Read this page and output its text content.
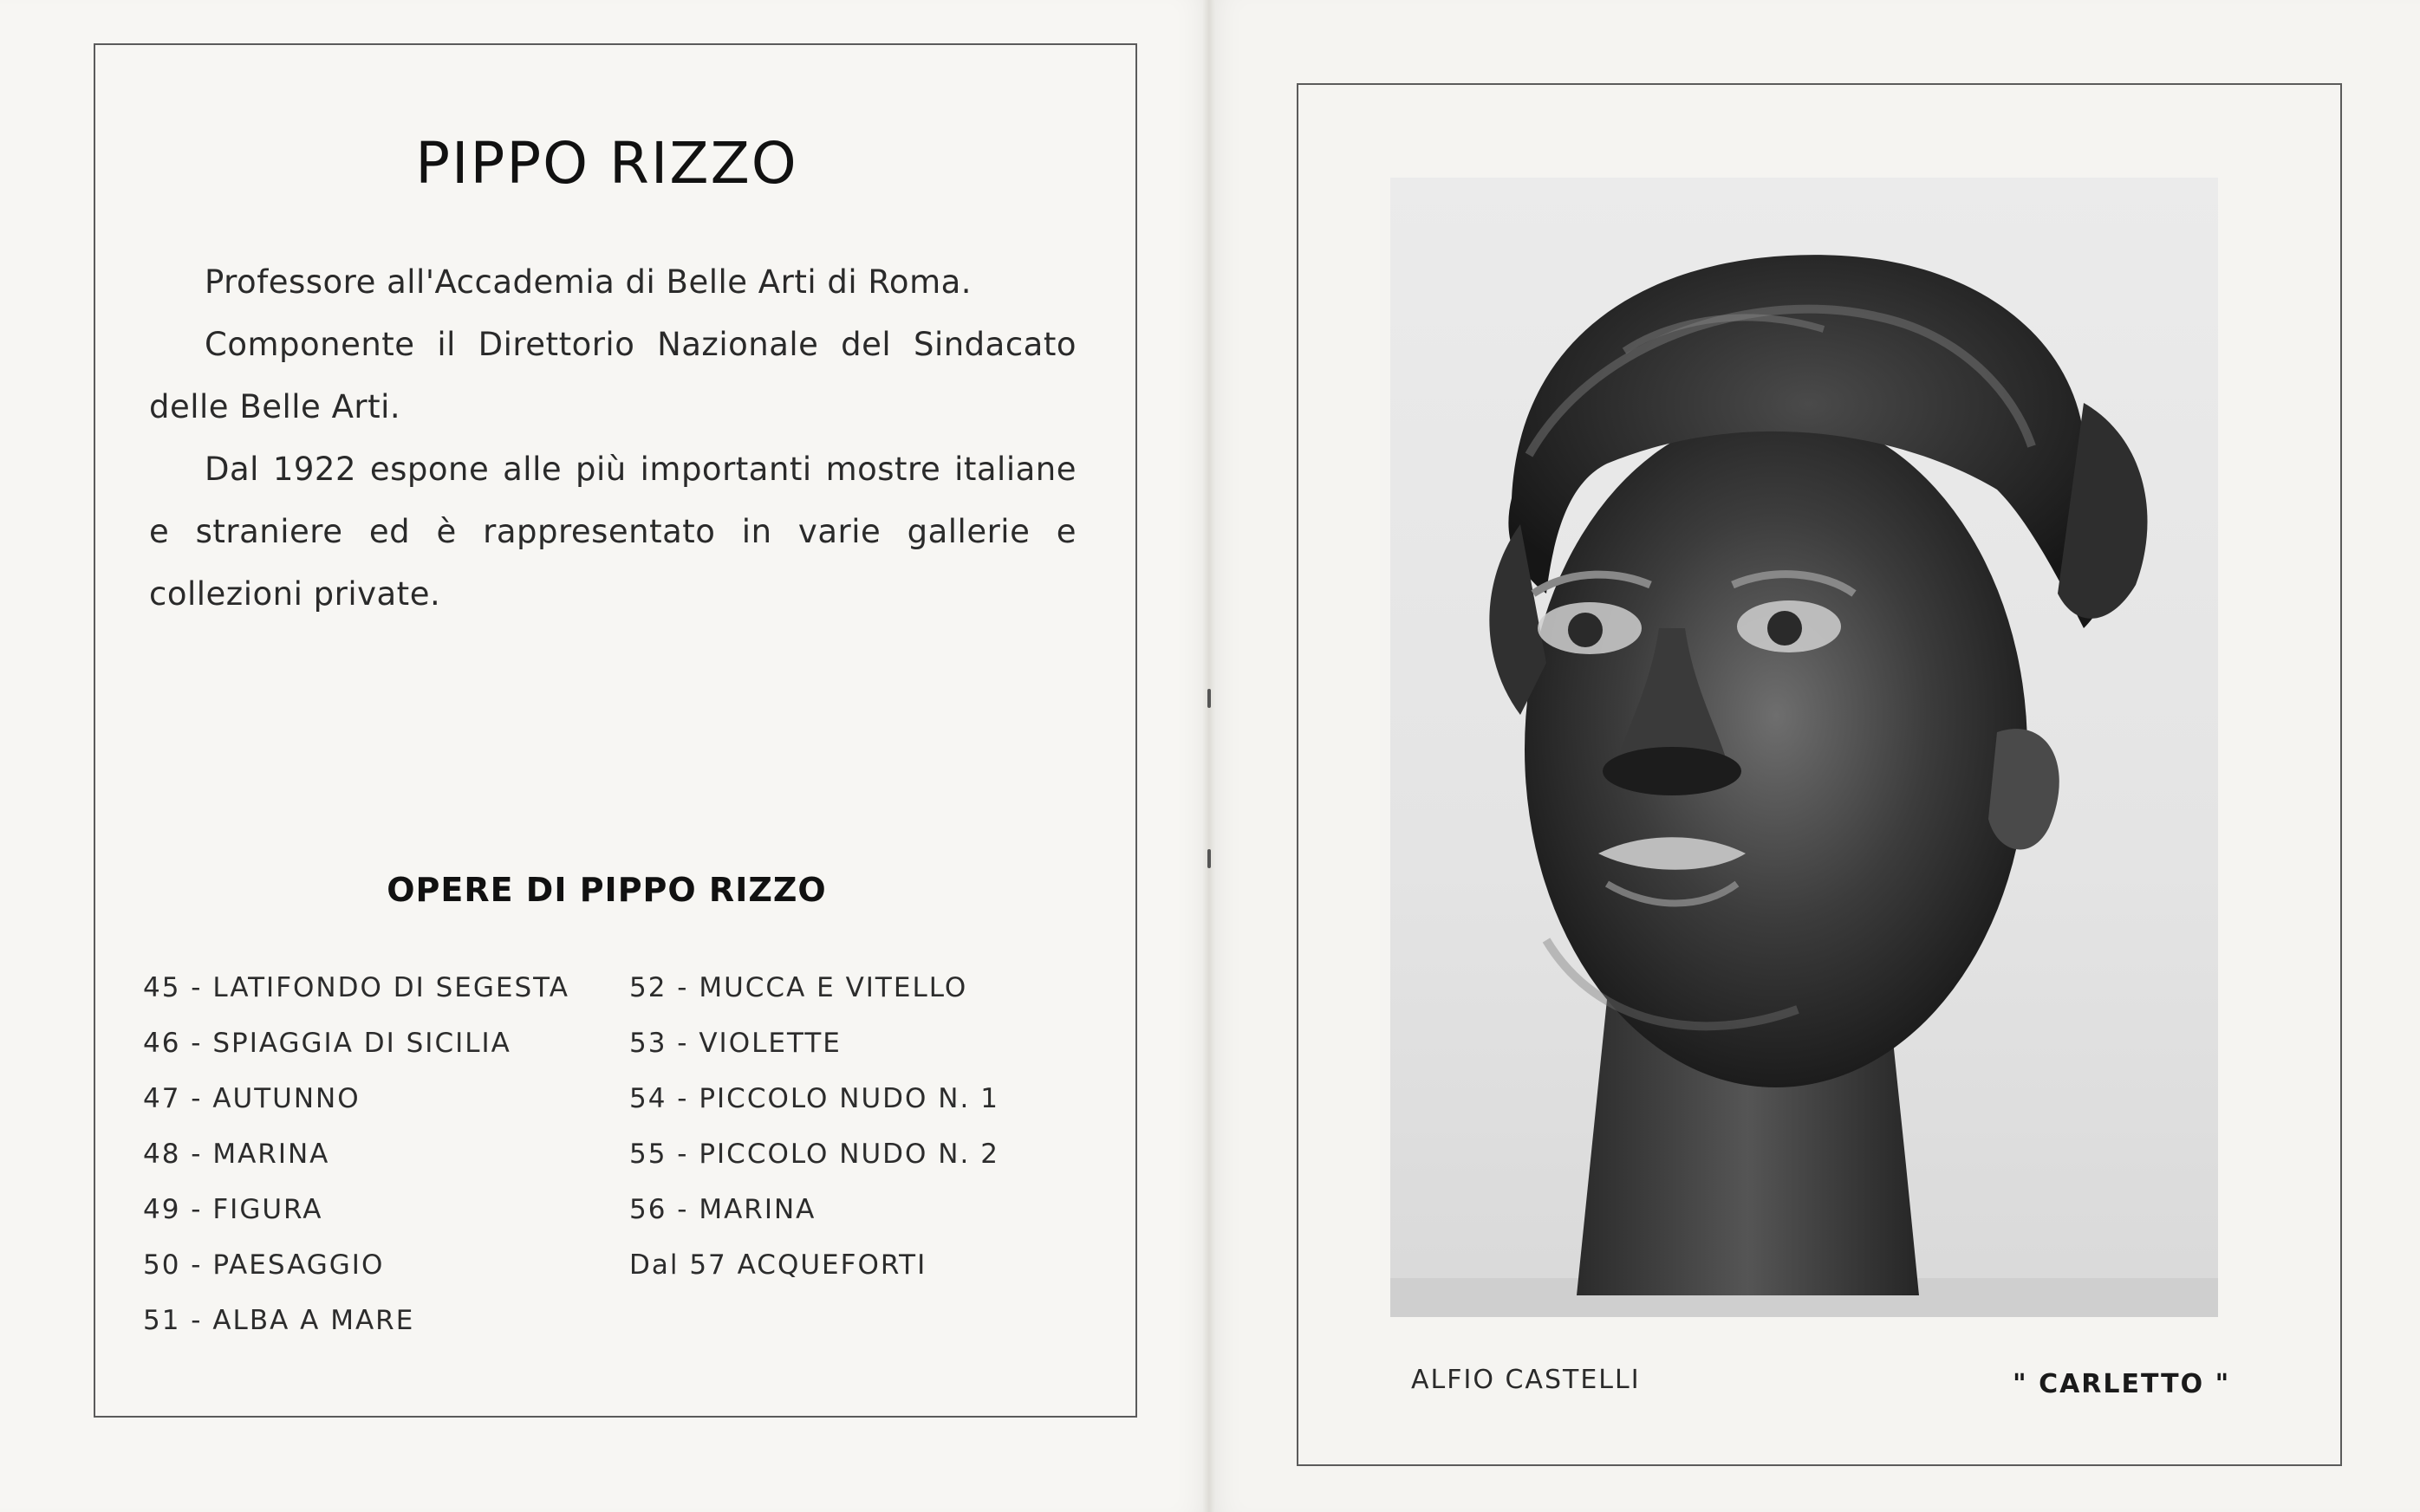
PIPPO RIZZO

Professore all'Accademia di Belle Arti di Roma.

Componente il Direttorio Nazionale del Sindacato delle Belle Arti.

Dal 1922 espone alle più importanti mostre italiane e straniere ed è rappresentato in varie gallerie e collezioni private.

OPERE DI PIPPO RIZZO
45 - LATIFONDO DI SEGESTA
46 - SPIAGGIA DI SICILIA
47 - AUTUNNO
48 - MARINA
49 - FIGURA
50 - PAESAGGIO
51 - ALBA A MARE
52 - MUCCA E VITELLO
53 - VIOLETTE
54 - PICCOLO NUDO N. 1
55 - PICCOLO NUDO N. 2
56 - MARINA
Dal 57 ACQUEFORTI
ALFIO CASTELLI	" CARLETTO "
